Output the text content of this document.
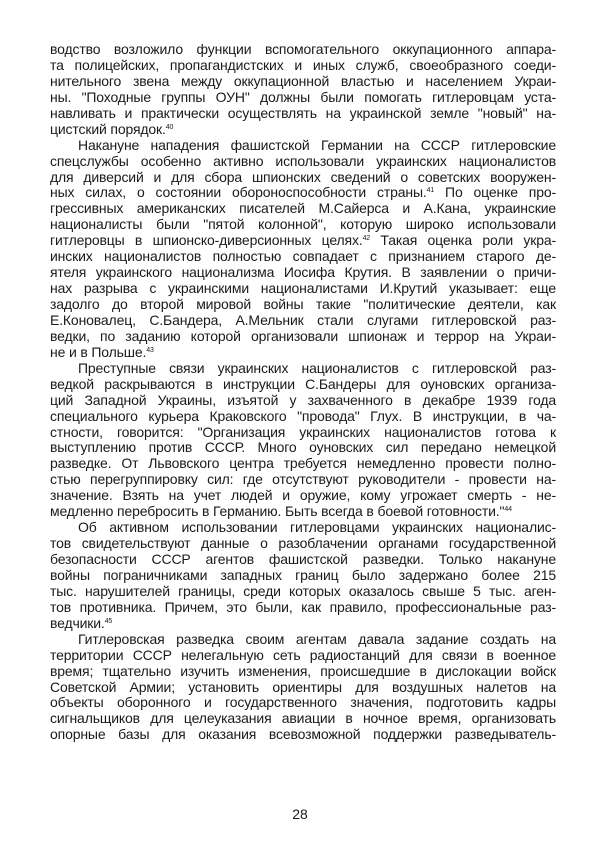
водство возложило функции вспомогательного оккупационного аппара-
та полицейских, пропагандистских и иных служб, своеобразного соеди-
нительного звена между оккупационной властью и населением Украи-
ны. "Походные группы ОУН" должны были помогать гитлеровцам уста-
навливать и практически осуществлять на украинской земле "новый" на-
цистский порядок.$^{40}$
Накануне нападения фашистской Германии на СССР гитлеровские
спецслужбы особенно активно использовали украинских националистов
для диверсий и для сбора шпионских сведений о советских вооружен-
ных силах, о состоянии обороноспособности страны.$^{41}$ По оценке про-
грессивных американских писателей М.Сайерса и А.Кана, украинские
националисты были "пятой колонной", которую широко использовали
гитлеровцы в шпионско-диверсионных целях.$^{42}$ Такая оценка роли укра-
инских националистов полностью совпадает с признанием старого де-
ятеля украинского национализма Иосифа Крутия. В заявлении о причи-
нах разрыва с украинскими националистами И.Крутий указывает: еще
задолго до второй мировой войны такие "политические деятели, как
Е.Коновалец, С.Бандера, А.Мельник стали слугами гитлеровской раз-
ведки, по заданию которой организовали шпионаж и террор на Украи-
не и в Польше.$^{43}$
Преступные связи украинских националистов с гитлеровской раз-
ведкой раскрываются в инструкции С.Бандеры для оуновских организа-
ций Западной Украины, изъятой у захваченного в декабре 1939 года
специального курьера Краковского "провода" Глух. В инструкции, в ча-
стности, говорится: "Организация украинских националистов готова к
выступлению против СССР. Много оуновских сил передано немецкой
разведке. От Львовского центра требуется немедленно провести полно-
стью перегруппировку сил: где отсутствуют руководители - провести на-
значение. Взять на учет людей и оружие, кому угрожает смерть - не-
медленно перебросить в Германию. Быть всегда в боевой готовности."$^{44}$
Об активном использовании гитлеровцами украинских националис-
тов свидетельствуют данные о разоблачении органами государственной
безопасности СССР агентов фашистской разведки. Только накануне
войны пограничниками западных границ было задержано более 215
тыс. нарушителей границы, среди которых оказалось свыше 5 тыс. аген-
тов противника. Причем, это были, как правило, профессиональные раз-
ведчики.$^{45}$
Гитлеровская разведка своим агентам давала задание создать на
территории СССР нелегальную сеть радиостанций для связи в военное
время; тщательно изучить изменения, происшедшие в дислокации войск
Советской Армии; установить ориентиры для воздушных налетов на
объекты оборонного и государственного значения, подготовить кадры
сигнальщиков для целеуказания авиации в ночное время, организовать
опорные базы для оказания всевозможной поддержки разведыватель-
28
